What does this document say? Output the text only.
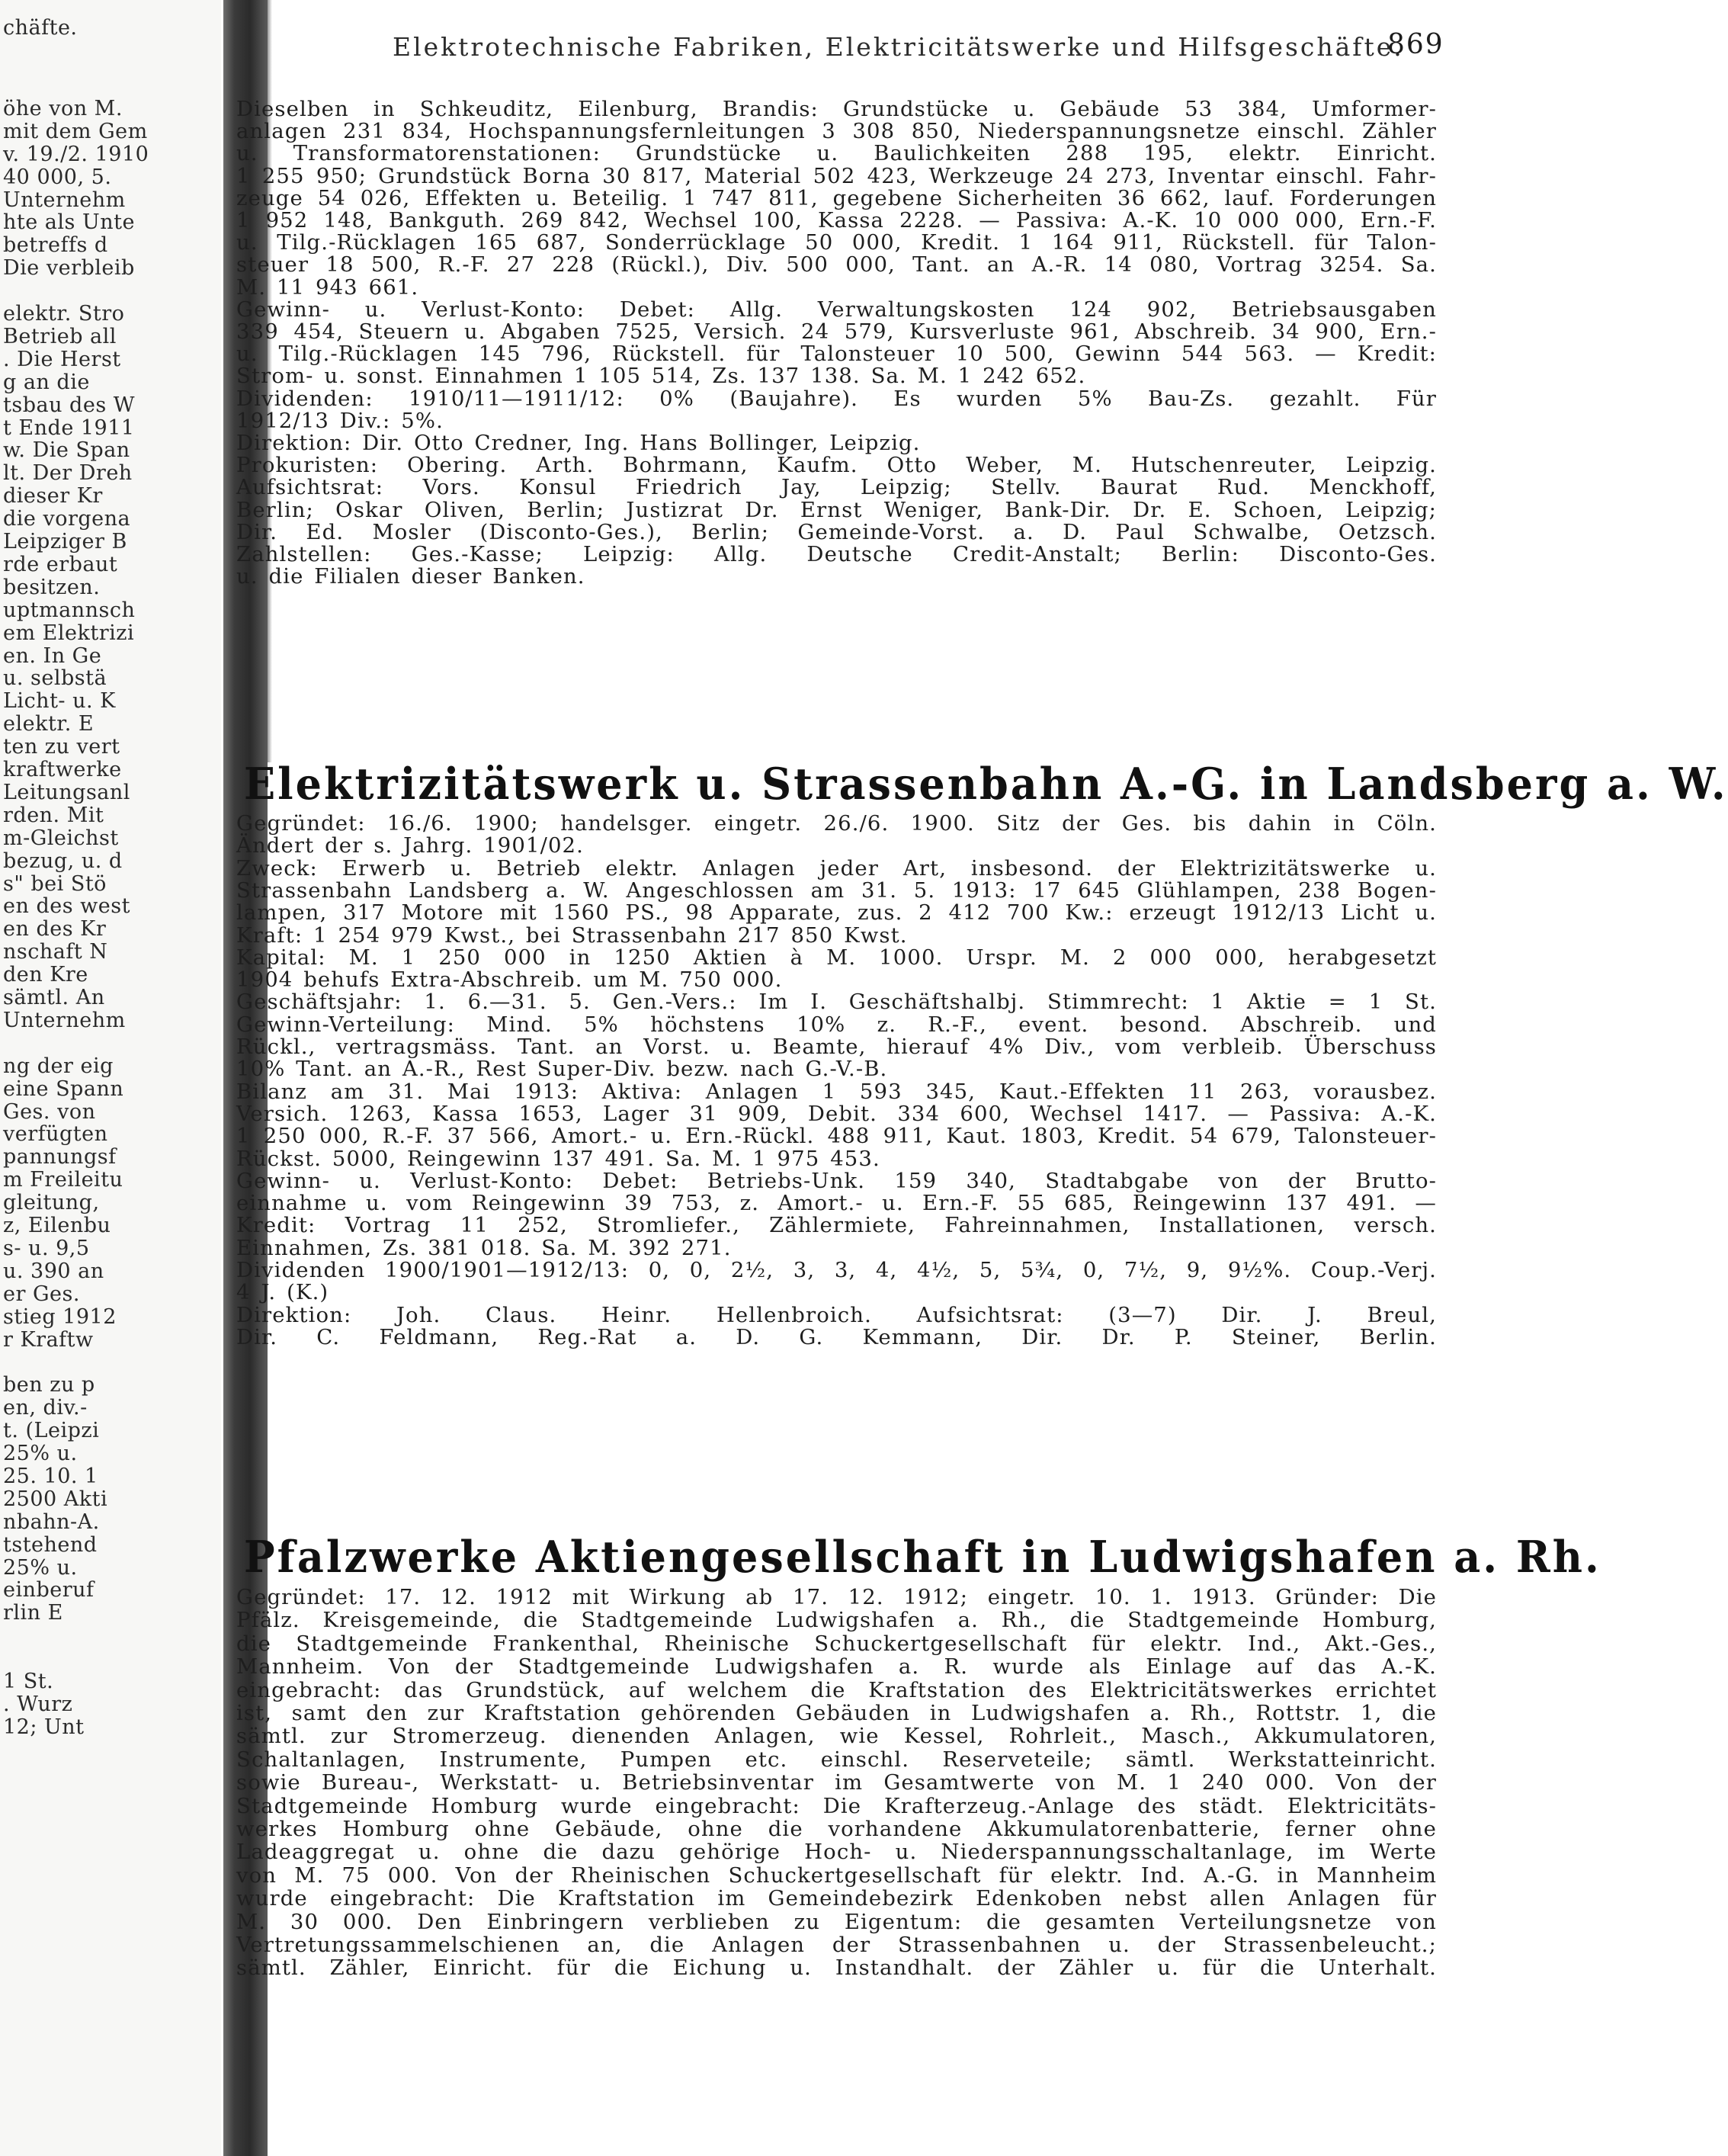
chäfte.
öhe von M.
mit dem Gem
v. 19./2. 1910
40 000, 5.
Unternehm
hte als Unte
betreffs d
Die verbleib
elektr. Stro
Betrieb all
. Die Herst
g an die
tsbau des W
t Ende 1911
w. Die Span
lt. Der Dreh
dieser Kr
die vorgena
Leipziger B
rde erbaut
besitzen.
uptmannsch
em Elektrizi
en. In Ge
u. selbstä
Licht- u. K
elektr. E
ten zu vert
kraftwerke
Leitungsanl
rden. Mit
m-Gleichst
bezug, u. d
s" bei Stö
en des west
en des Kr
nschaft N
den Kre
sämtl. An
Unternehm
ng der eig
eine Spann
Ges. von
verfügten
pannungsf
m Freileitu
gleitung,
z, Eilenbu
s- u. 9,5
u. 390 an
er Ges.
stieg 1912
r Kraftw
ben zu p
en, div.-
t. (Leipzi
25% u.
25. 10. 1
2500 Akti
nbahn-A.
tstehend
25% u.
einberuf
rlin E
1 St.
. Wurz
12; Unt
Elektrotechnische Fabriken, Elektricitätswerke und Hilfsgeschäfte.
869
Dieselben in Schkeuditz, Eilenburg, Brandis: Grundstücke u. Gebäude 53 384, Umformer-
anlagen 231 834, Hochspannungsfernleitungen 3 308 850, Niederspannungsnetze einschl. Zähler
u. Transformatorenstationen: Grundstücke u. Baulichkeiten 288 195, elektr. Einricht.
1 255 950; Grundstück Borna 30 817, Material 502 423, Werkzeuge 24 273, Inventar einschl. Fahr-
zeuge 54 026, Effekten u. Beteilig. 1 747 811, gegebene Sicherheiten 36 662, lauf. Forderungen
1 952 148, Bankguth. 269 842, Wechsel 100, Kassa 2228. — Passiva: A.-K. 10 000 000, Ern.-F.
u. Tilg.-Rücklagen 165 687, Sonderrücklage 50 000, Kredit. 1 164 911, Rückstell. für Talon-
steuer 18 500, R.-F. 27 228 (Rückl.), Div. 500 000, Tant. an A.-R. 14 080, Vortrag 3254. Sa.
M. 11 943 661.
Gewinn- u. Verlust-Konto: Debet: Allg. Verwaltungskosten 124 902, Betriebsausgaben
339 454, Steuern u. Abgaben 7525, Versich. 24 579, Kursverluste 961, Abschreib. 34 900, Ern.-
u. Tilg.-Rücklagen 145 796, Rückstell. für Talonsteuer 10 500, Gewinn 544 563. — Kredit:
Strom- u. sonst. Einnahmen 1 105 514, Zs. 137 138. Sa. M. 1 242 652.
Dividenden: 1910/11—1911/12: 0% (Baujahre). Es wurden 5% Bau-Zs. gezahlt. Für
1912/13 Div.: 5%.
Direktion: Dir. Otto Credner, Ing. Hans Bollinger, Leipzig.
Prokuristen: Obering. Arth. Bohrmann, Kaufm. Otto Weber, M. Hutschenreuter, Leipzig.
Aufsichtsrat: Vors. Konsul Friedrich Jay, Leipzig; Stellv. Baurat Rud. Menckhoff,
Berlin; Oskar Oliven, Berlin; Justizrat Dr. Ernst Weniger, Bank-Dir. Dr. E. Schoen, Leipzig;
Dir. Ed. Mosler (Disconto-Ges.), Berlin; Gemeinde-Vorst. a. D. Paul Schwalbe, Oetzsch.
Zahlstellen: Ges.-Kasse; Leipzig: Allg. Deutsche Credit-Anstalt; Berlin: Disconto-Ges.
u. die Filialen dieser Banken.
Elektrizitätswerk u. Strassenbahn A.-G. in Landsberg a. W.
Gegründet: 16./6. 1900; handelsger. eingetr. 26./6. 1900. Sitz der Ges. bis dahin in Cöln.
Ändert der s. Jahrg. 1901/02.
Zweck: Erwerb u. Betrieb elektr. Anlagen jeder Art, insbesond. der Elektrizitätswerke u.
Strassenbahn Landsberg a. W. Angeschlossen am 31. 5. 1913: 17 645 Glühlampen, 238 Bogen-
lampen, 317 Motore mit 1560 PS., 98 Apparate, zus. 2 412 700 Kw.: erzeugt 1912/13 Licht u.
Kraft: 1 254 979 Kwst., bei Strassenbahn 217 850 Kwst.
Kapital: M. 1 250 000 in 1250 Aktien à M. 1000. Urspr. M. 2 000 000, herabgesetzt
1904 behufs Extra-Abschreib. um M. 750 000.
Geschäftsjahr: 1. 6.—31. 5. Gen.-Vers.: Im I. Geschäftshalbj. Stimmrecht: 1 Aktie = 1 St.
Gewinn-Verteilung: Mind. 5% höchstens 10% z. R.-F., event. besond. Abschreib. und
Rückl., vertragsmäss. Tant. an Vorst. u. Beamte, hierauf 4% Div., vom verbleib. Überschuss
10% Tant. an A.-R., Rest Super-Div. bezw. nach G.-V.-B.
Bilanz am 31. Mai 1913: Aktiva: Anlagen 1 593 345, Kaut.-Effekten 11 263, vorausbez.
Versich. 1263, Kassa 1653, Lager 31 909, Debit. 334 600, Wechsel 1417. — Passiva: A.-K.
1 250 000, R.-F. 37 566, Amort.- u. Ern.-Rückl. 488 911, Kaut. 1803, Kredit. 54 679, Talonsteuer-
Rückst. 5000, Reingewinn 137 491. Sa. M. 1 975 453.
Gewinn- u. Verlust-Konto: Debet: Betriebs-Unk. 159 340, Stadtabgabe von der Brutto-
einnahme u. vom Reingewinn 39 753, z. Amort.- u. Ern.-F. 55 685, Reingewinn 137 491. —
Kredit: Vortrag 11 252, Stromliefer., Zählermiete, Fahreinnahmen, Installationen, versch.
Einnahmen, Zs. 381 018. Sa. M. 392 271.
Dividenden 1900/1901—1912/13: 0, 0, 2½, 3, 3, 4, 4½, 5, 5¾, 0, 7½, 9, 9½%. Coup.-Verj.
4 J. (K.)
Direktion: Joh. Claus. Heinr. Hellenbroich. Aufsichtsrat: (3—7) Dir. J. Breul,
Dir. C. Feldmann, Reg.-Rat a. D. G. Kemmann, Dir. Dr. P. Steiner, Berlin.
Pfalzwerke Aktiengesellschaft in Ludwigshafen a. Rh.
Gegründet: 17. 12. 1912 mit Wirkung ab 17. 12. 1912; eingetr. 10. 1. 1913. Gründer: Die
Pfälz. Kreisgemeinde, die Stadtgemeinde Ludwigshafen a. Rh., die Stadtgemeinde Homburg,
die Stadtgemeinde Frankenthal, Rheinische Schuckertgesellschaft für elektr. Ind., Akt.-Ges.,
Mannheim. Von der Stadtgemeinde Ludwigshafen a. R. wurde als Einlage auf das A.-K.
eingebracht: das Grundstück, auf welchem die Kraftstation des Elektricitätswerkes errichtet
ist, samt den zur Kraftstation gehörenden Gebäuden in Ludwigshafen a. Rh., Rottstr. 1, die
sämtl. zur Stromerzeug. dienenden Anlagen, wie Kessel, Rohrleit., Masch., Akkumulatoren,
Schaltanlagen, Instrumente, Pumpen etc. einschl. Reserveteile; sämtl. Werkstatteinricht.
sowie Bureau-, Werkstatt- u. Betriebsinventar im Gesamtwerte von M. 1 240 000. Von der
Stadtgemeinde Homburg wurde eingebracht: Die Krafterzeug.-Anlage des städt. Elektricitäts-
werkes Homburg ohne Gebäude, ohne die vorhandene Akkumulatorenbatterie, ferner ohne
Ladeaggregat u. ohne die dazu gehörige Hoch- u. Niederspannungsschaltanlage, im Werte
von M. 75 000. Von der Rheinischen Schuckertgesellschaft für elektr. Ind. A.-G. in Mannheim
wurde eingebracht: Die Kraftstation im Gemeindebezirk Edenkoben nebst allen Anlagen für
M. 30 000. Den Einbringern verblieben zu Eigentum: die gesamten Verteilungsnetze von
Vertretungssammelschienen an, die Anlagen der Strassenbahnen u. der Strassenbeleucht.;
sämtl. Zähler, Einricht. für die Eichung u. Instandhalt. der Zähler u. für die Unterhalt.
